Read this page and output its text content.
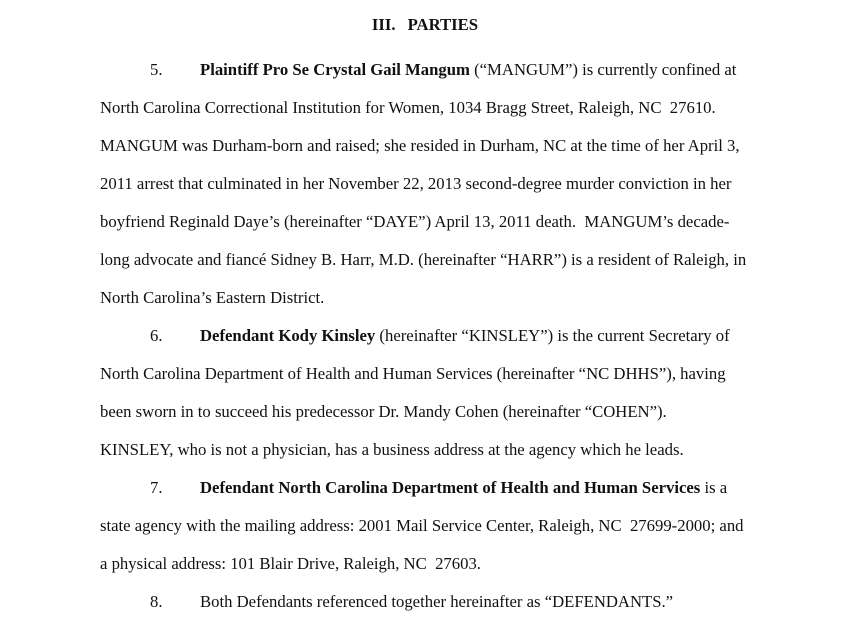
III. PARTIES
5. Plaintiff Pro Se Crystal Gail Mangum (“MANGUM”) is currently confined at
North Carolina Correctional Institution for Women, 1034 Bragg Street, Raleigh, NC  27610.
MANGUM was Durham-born and raised; she resided in Durham, NC at the time of her April 3,
2011 arrest that culminated in her November 22, 2013 second-degree murder conviction in her
boyfriend Reginald Daye’s (hereinafter “DAYE”) April 13, 2011 death.  MANGUM’s decade-
long advocate and fiancé Sidney B. Harr, M.D. (hereinafter “HARR”) is a resident of Raleigh, in
North Carolina’s Eastern District.
6. Defendant Kody Kinsley (hereinafter “KINSLEY”) is the current Secretary of
North Carolina Department of Health and Human Services (hereinafter “NC DHHS”), having
been sworn in to succeed his predecessor Dr. Mandy Cohen (hereinafter “COHEN”).
KINSLEY, who is not a physician, has a business address at the agency which he leads.
7. Defendant North Carolina Department of Health and Human Services is a
state agency with the mailing address: 2001 Mail Service Center, Raleigh, NC  27699-2000; and
a physical address: 101 Blair Drive, Raleigh, NC  27603.
8. Both Defendants referenced together hereinafter as “DEFENDANTS.”
